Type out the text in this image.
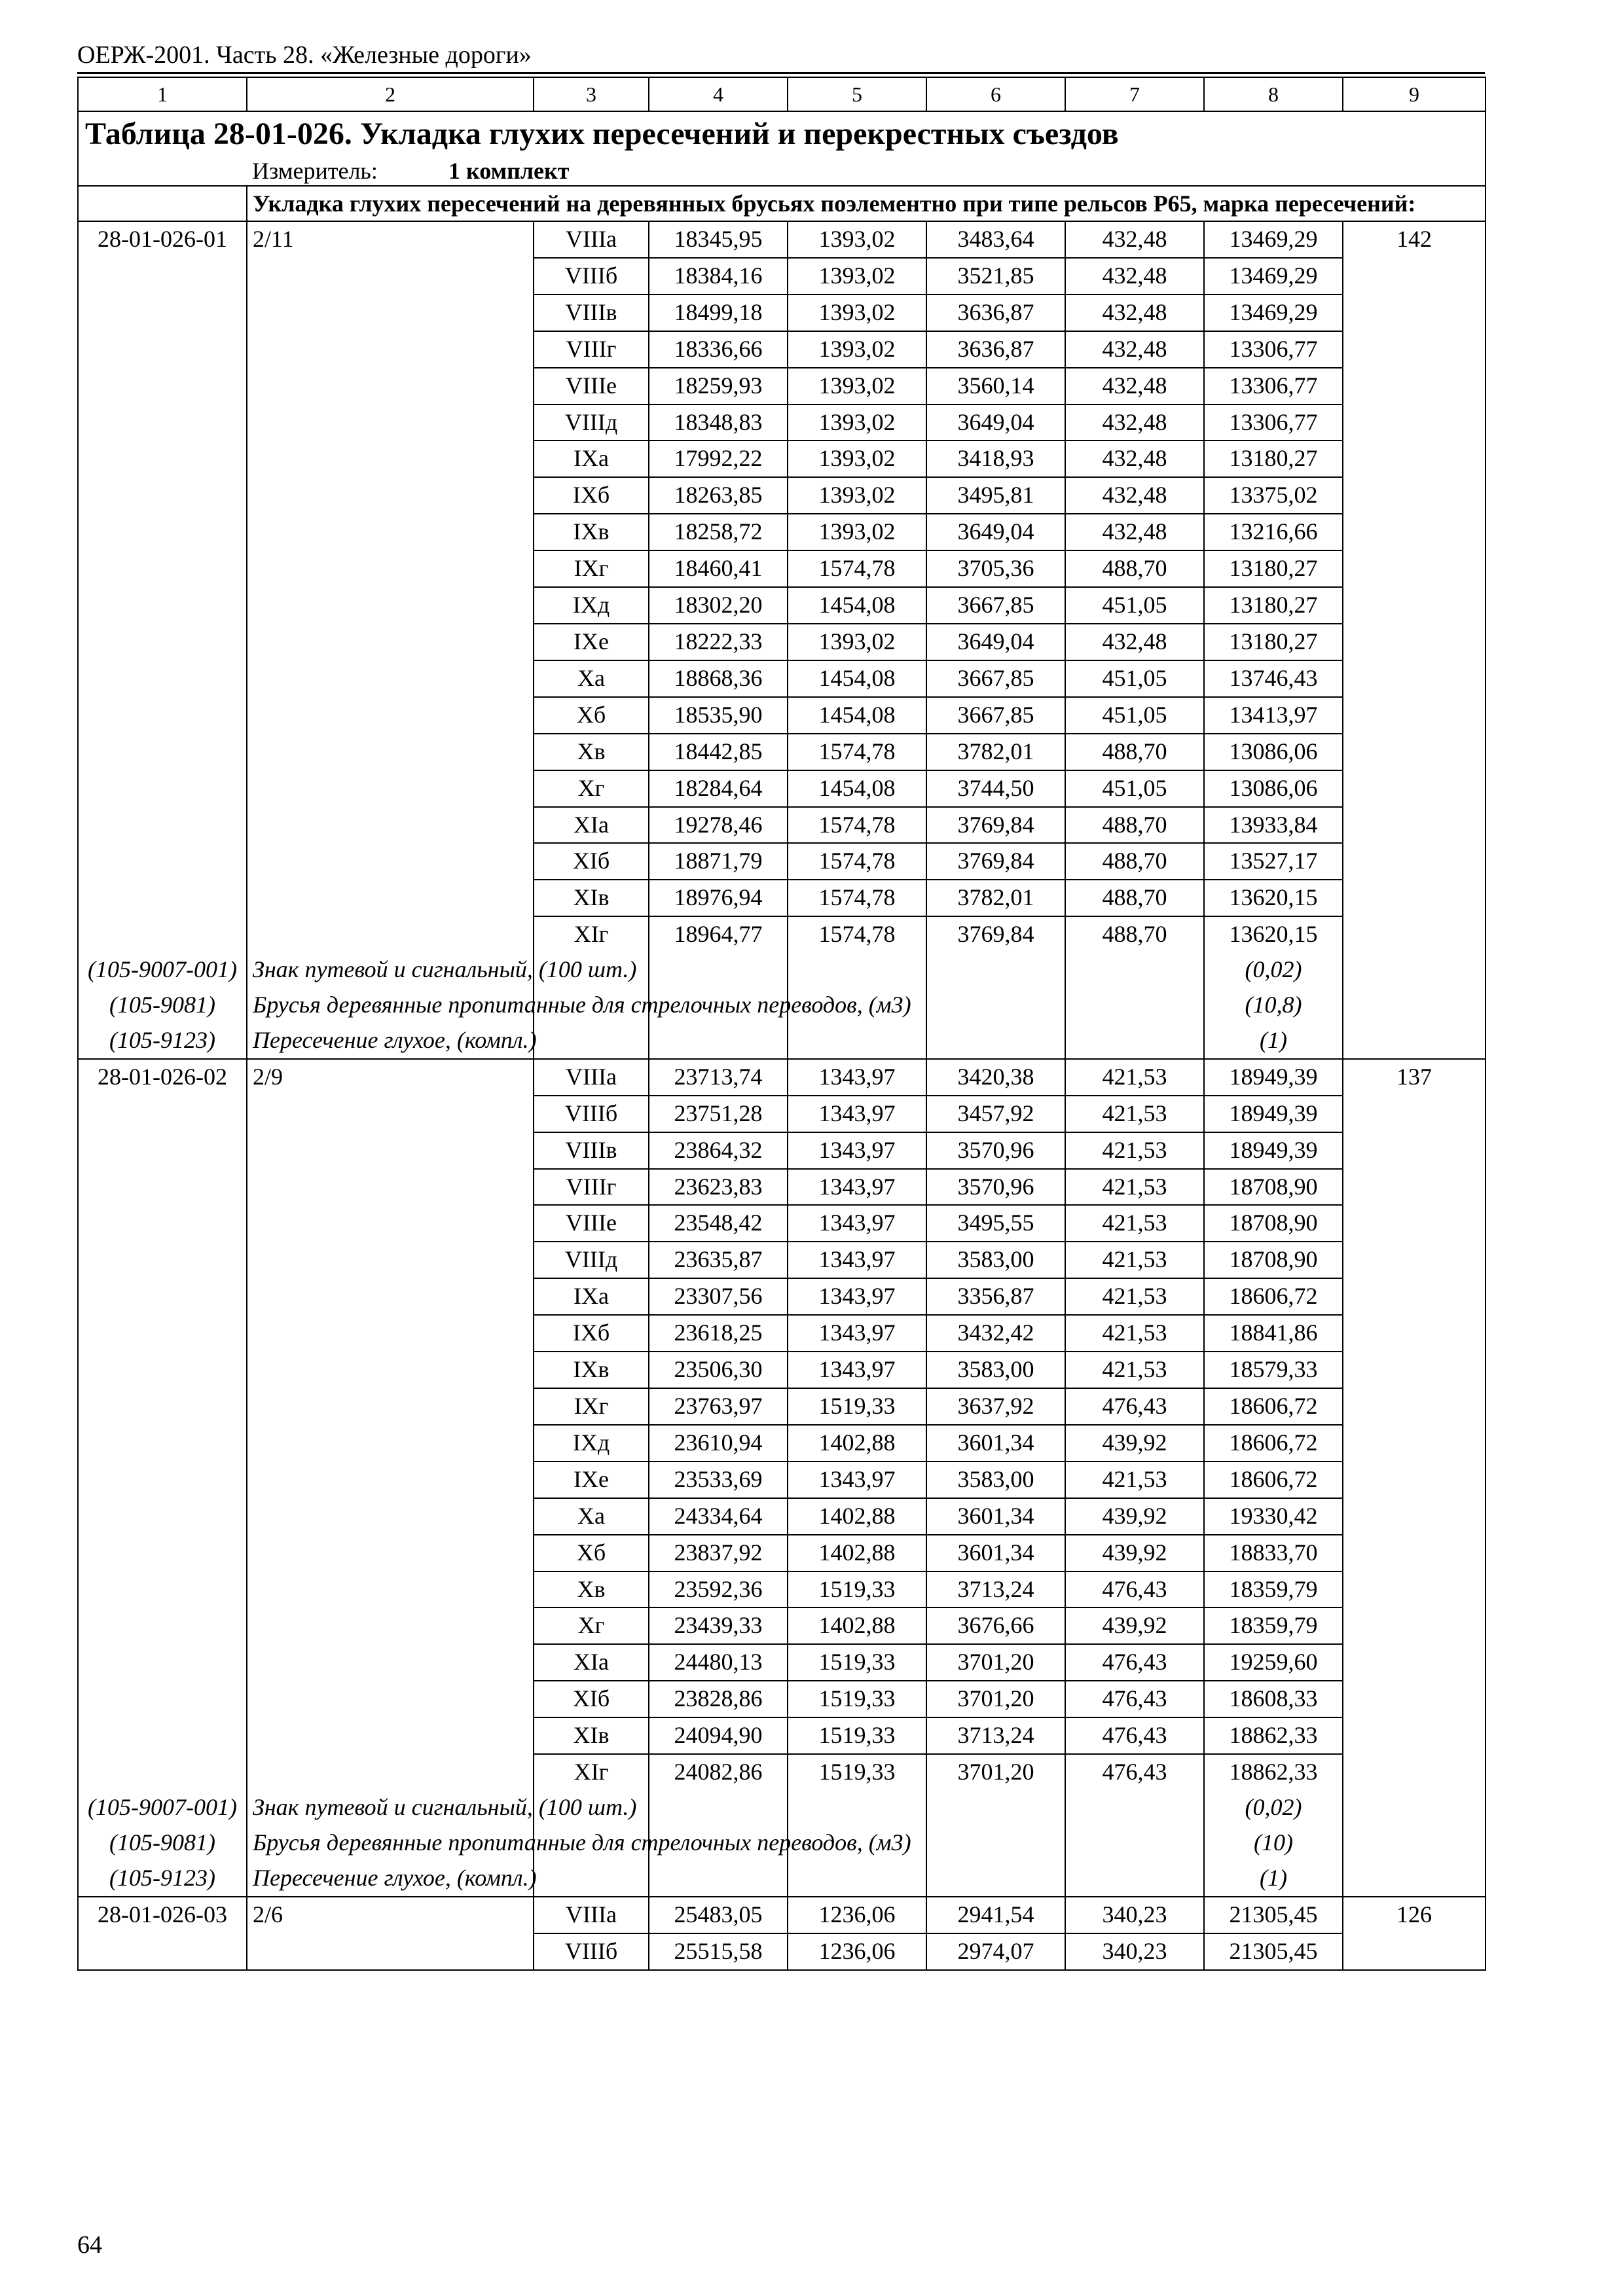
ОЕРЖ-2001. Часть 28. «Железные дороги»
1	2	3	4	5	6	7	8	9
Таблица 28-01-026. Укладка глухих пересечений и перекрестных съездов								
	Измеритель: 1 комплект							
	Укладка глухих пересечений на деревянных брусьях поэлементно при типе рельсов Р65, марка пересечений:							
28-01-026-01	2/11	VIIIа	18345,95	1393,02	3483,64	432,48	13469,29	142
		VIIIб	18384,16	1393,02	3521,85	432,48	13469,29	
		VIIIв	18499,18	1393,02	3636,87	432,48	13469,29	
		VIIIг	18336,66	1393,02	3636,87	432,48	13306,77	
		VIIIе	18259,93	1393,02	3560,14	432,48	13306,77	
		VIIIд	18348,83	1393,02	3649,04	432,48	13306,77	
		IXа	17992,22	1393,02	3418,93	432,48	13180,27	
		IXб	18263,85	1393,02	3495,81	432,48	13375,02	
		IXв	18258,72	1393,02	3649,04	432,48	13216,66	
		IXг	18460,41	1574,78	3705,36	488,70	13180,27	
		IXд	18302,20	1454,08	3667,85	451,05	13180,27	
		IXе	18222,33	1393,02	3649,04	432,48	13180,27	
		Xа	18868,36	1454,08	3667,85	451,05	13746,43	
		Xб	18535,90	1454,08	3667,85	451,05	13413,97	
		Xв	18442,85	1574,78	3782,01	488,70	13086,06	
		Xг	18284,64	1454,08	3744,50	451,05	13086,06	
		XIа	19278,46	1574,78	3769,84	488,70	13933,84	
		XIб	18871,79	1574,78	3769,84	488,70	13527,17	
		XIв	18976,94	1574,78	3782,01	488,70	13620,15	
		XIг	18964,77	1574,78	3769,84	488,70	13620,15	
(105-9007-001)	Знак путевой и сигнальный, (100 шт.)						(0,02)	
(105-9081)	Брусья деревянные пропитанные для стрелочных переводов, (м3)						(10,8)	
(105-9123)	Пересечение глухое, (компл.)						(1)	
28-01-026-02	2/9	VIIIа	23713,74	1343,97	3420,38	421,53	18949,39	137
		VIIIб	23751,28	1343,97	3457,92	421,53	18949,39	
		VIIIв	23864,32	1343,97	3570,96	421,53	18949,39	
		VIIIг	23623,83	1343,97	3570,96	421,53	18708,90	
		VIIIе	23548,42	1343,97	3495,55	421,53	18708,90	
		VIIIд	23635,87	1343,97	3583,00	421,53	18708,90	
		IXа	23307,56	1343,97	3356,87	421,53	18606,72	
		IXб	23618,25	1343,97	3432,42	421,53	18841,86	
		IXв	23506,30	1343,97	3583,00	421,53	18579,33	
		IXг	23763,97	1519,33	3637,92	476,43	18606,72	
		IXд	23610,94	1402,88	3601,34	439,92	18606,72	
		IXе	23533,69	1343,97	3583,00	421,53	18606,72	
		Xа	24334,64	1402,88	3601,34	439,92	19330,42	
		Xб	23837,92	1402,88	3601,34	439,92	18833,70	
		Xв	23592,36	1519,33	3713,24	476,43	18359,79	
		Xг	23439,33	1402,88	3676,66	439,92	18359,79	
		XIа	24480,13	1519,33	3701,20	476,43	19259,60	
		XIб	23828,86	1519,33	3701,20	476,43	18608,33	
		XIв	24094,90	1519,33	3713,24	476,43	18862,33	
		XIг	24082,86	1519,33	3701,20	476,43	18862,33	
(105-9007-001)	Знак путевой и сигнальный, (100 шт.)						(0,02)	
(105-9081)	Брусья деревянные пропитанные для стрелочных переводов, (м3)						(10)	
(105-9123)	Пересечение глухое, (компл.)						(1)	
28-01-026-03	2/6	VIIIа	25483,05	1236,06	2941,54	340,23	21305,45	126
		VIIIб	25515,58	1236,06	2974,07	340,23	21305,45	
64
